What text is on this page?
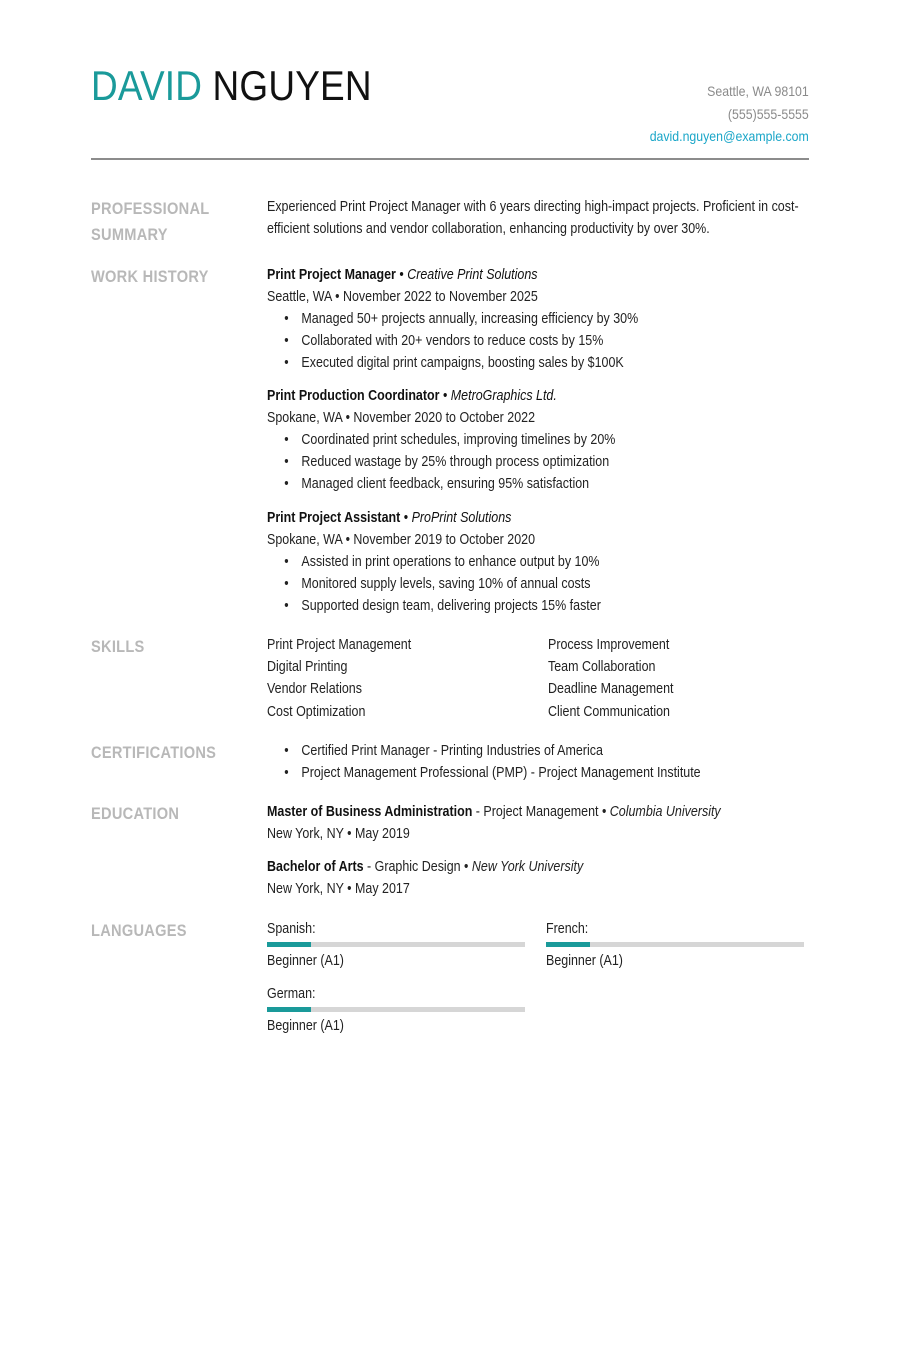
DAVID NGUYEN	Seattle, WA 98101
(555)555-5555
david.nguyen@example.com
PROFESSIONAL
SUMMARY
Experienced Print Project Manager with 6 years directing high-impact projects. Proficient in cost-efficient solutions and vendor collaboration, enhancing productivity by over 30%.
WORK HISTORY	Print Project Manager • Creative Print Solutions
Seattle, WA • November 2022 to November 2025
• Managed 50+ projects annually, increasing efficiency by 30%
• Collaborated with 20+ vendors to reduce costs by 15%
• Executed digital print campaigns, boosting sales by $100K
Print Production Coordinator • MetroGraphics Ltd.
Spokane, WA • November 2020 to October 2022
• Coordinated print schedules, improving timelines by 20%
• Reduced wastage by 25% through process optimization
• Managed client feedback, ensuring 95% satisfaction
Print Project Assistant • ProPrint Solutions
Spokane, WA • November 2019 to October 2020
• Assisted in print operations to enhance output by 10%
• Monitored supply levels, saving 10% of annual costs
• Supported design team, delivering projects 15% faster
SKILLS	Print Project Management	Process Improvement
Digital Printing	Team Collaboration
Vendor Relations	Deadline Management
Cost Optimization	Client Communication
CERTIFICATIONS
•	Certified Print Manager - Printing Industries of America
• Project Management Professional (PMP) - Project Management Institute
EDUCATION	Master of Business Administration - Project Management • Columbia University
New York, NY • May 2019
Bachelor of Arts - Graphic Design • New York University
New York, NY • May 2017
LANGUAGES	Spanish:
Beginner (A1)
French:
Beginner (A1)
German:
Beginner (A1)
